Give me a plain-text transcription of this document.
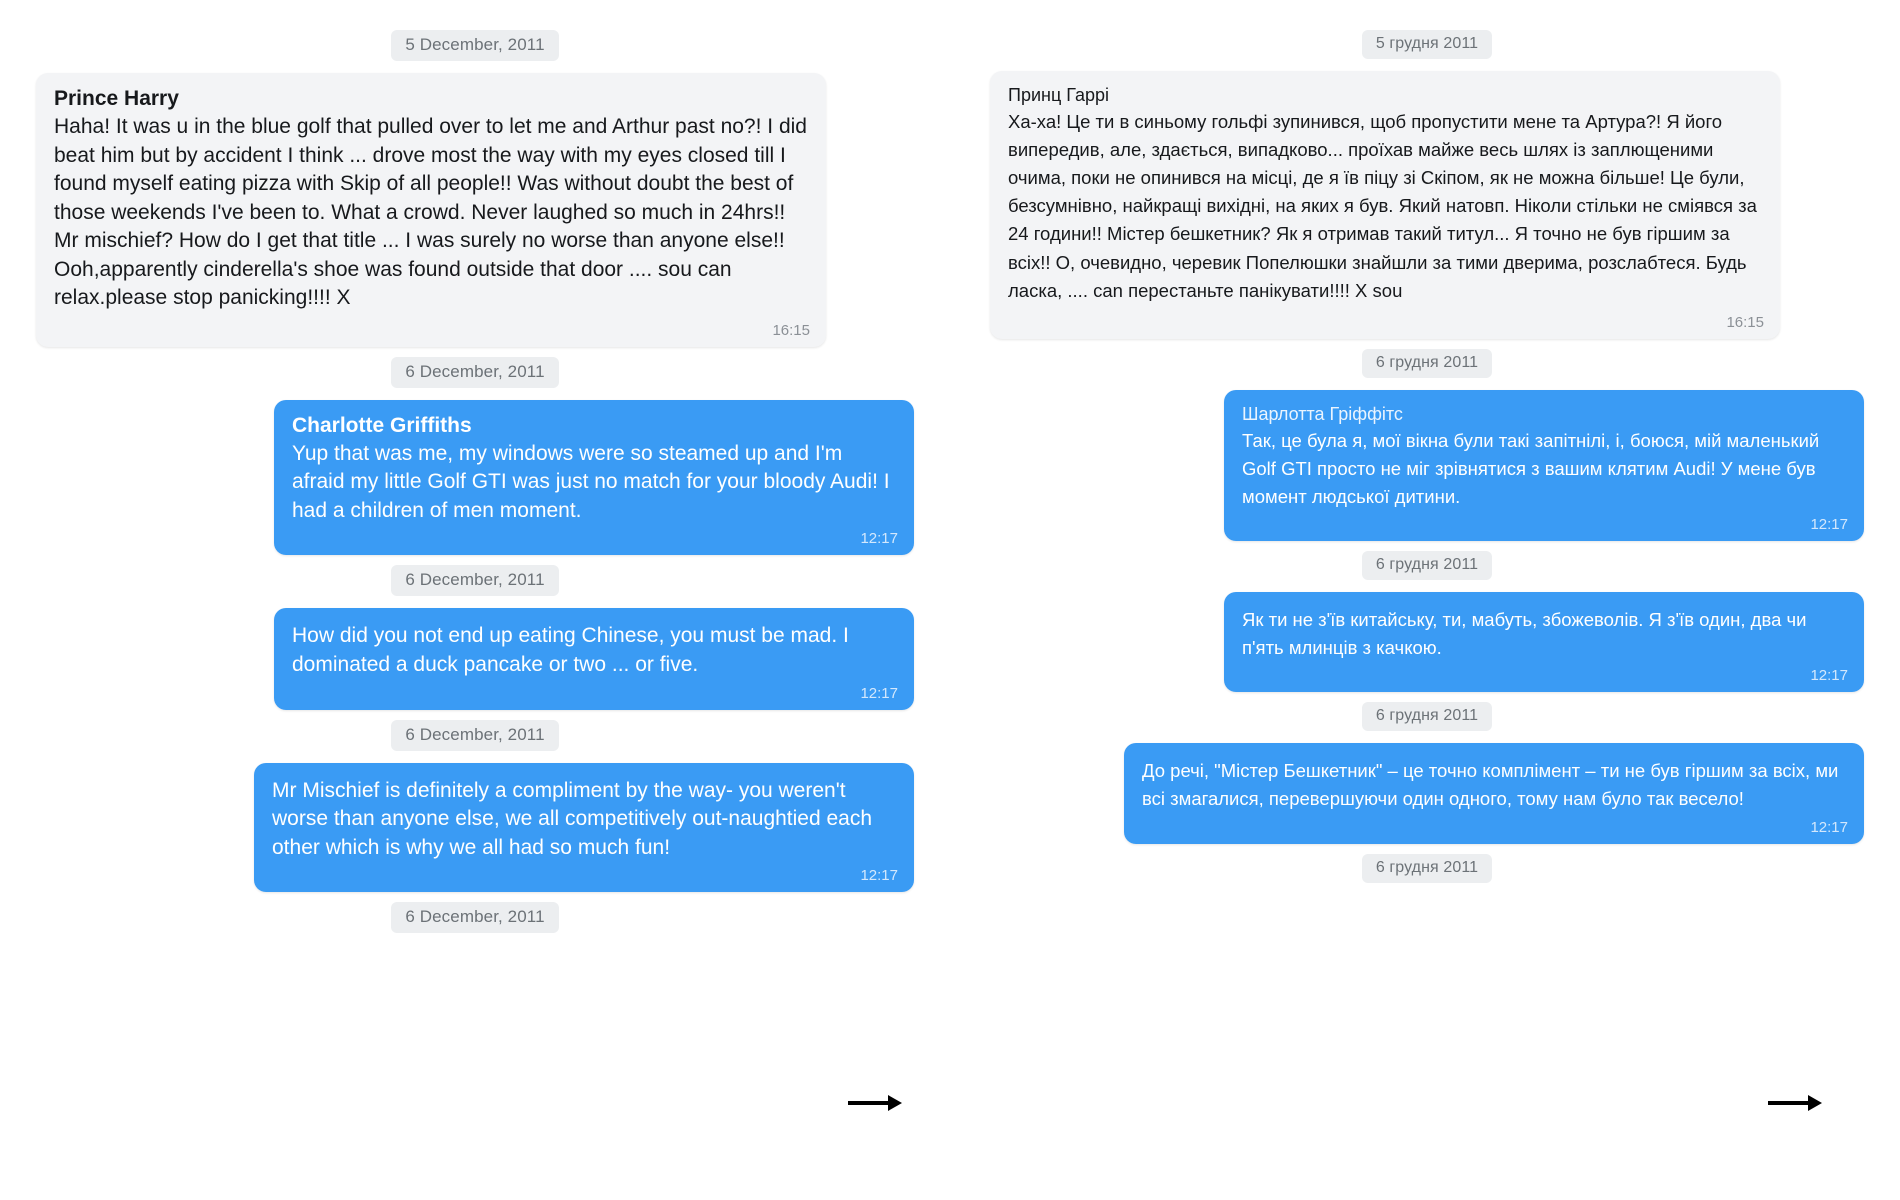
5 December, 2011
Prince Harry
Haha! It was u in the blue golf that pulled over to let me and Arthur past no?! I did beat him but by accident I think ... drove most the way with my eyes closed till I found myself eating pizza with Skip of all people!! Was without doubt the best of those weekends I've been to. What a crowd. Never laughed so much in 24hrs!! Mr mischief? How do I get that title ... I was surely no worse than anyone else!! Ooh,apparently cinderella's shoe was found outside that door .... sou can relax.please stop panicking!!!! X
16:15
6 December, 2011
Charlotte Griffiths
Yup that was me, my windows were so steamed up and I'm afraid my little Golf GTI was just no match for your bloody Audi! I had a children of men moment.
12:17
6 December, 2011
How did you not end up eating Chinese, you must be mad. I dominated a duck pancake or two ... or five.
12:17
6 December, 2011
Mr Mischief is definitely a compliment by the way- you weren't worse than anyone else, we all competitively out-naughtied each other which is why we all had so much fun!
12:17
6 December, 2011
5 грудня 2011
Принц Гаррі
Ха-ха! Це ти в синьому гольфі зупинився, щоб пропустити мене та Артура?! Я його випередив, але, здається, випадково... проїхав майже весь шлях із заплющеними очима, поки не опинився на місці, де я їв піцу зі Скіпом, як не можна більше! Це були, безсумнівно, найкращі вихідні, на яких я був. Який натовп. Ніколи стільки не сміявся за 24 години!! Містер бешкетник? Як я отримав такий титул... Я точно не був гіршим за всіх!! О, очевидно, черевик Попелюшки знайшли за тими дверима, розслабтеся. Будь ласка, .... can перестаньте панікувати!!!! X sou
16:15
6 грудня 2011
Шарлотта Гріффітс
Так, це була я, мої вікна були такі запітнілі, і, боюся, мій маленький Golf GTI просто не міг зрівнятися з вашим клятим Audi! У мене був момент людської дитини.
12:17
6 грудня 2011
Як ти не з'їв китайську, ти, мабуть, збожеволів. Я з'їв один, два чи п'ять млинців з качкою.
12:17
6 грудня 2011
До речі, "Містер Бешкетник" – це точно комплімент – ти не був гіршим за всіх, ми всі змагалися, перевершуючи один одного, тому нам було так весело!
12:17
6 грудня 2011
